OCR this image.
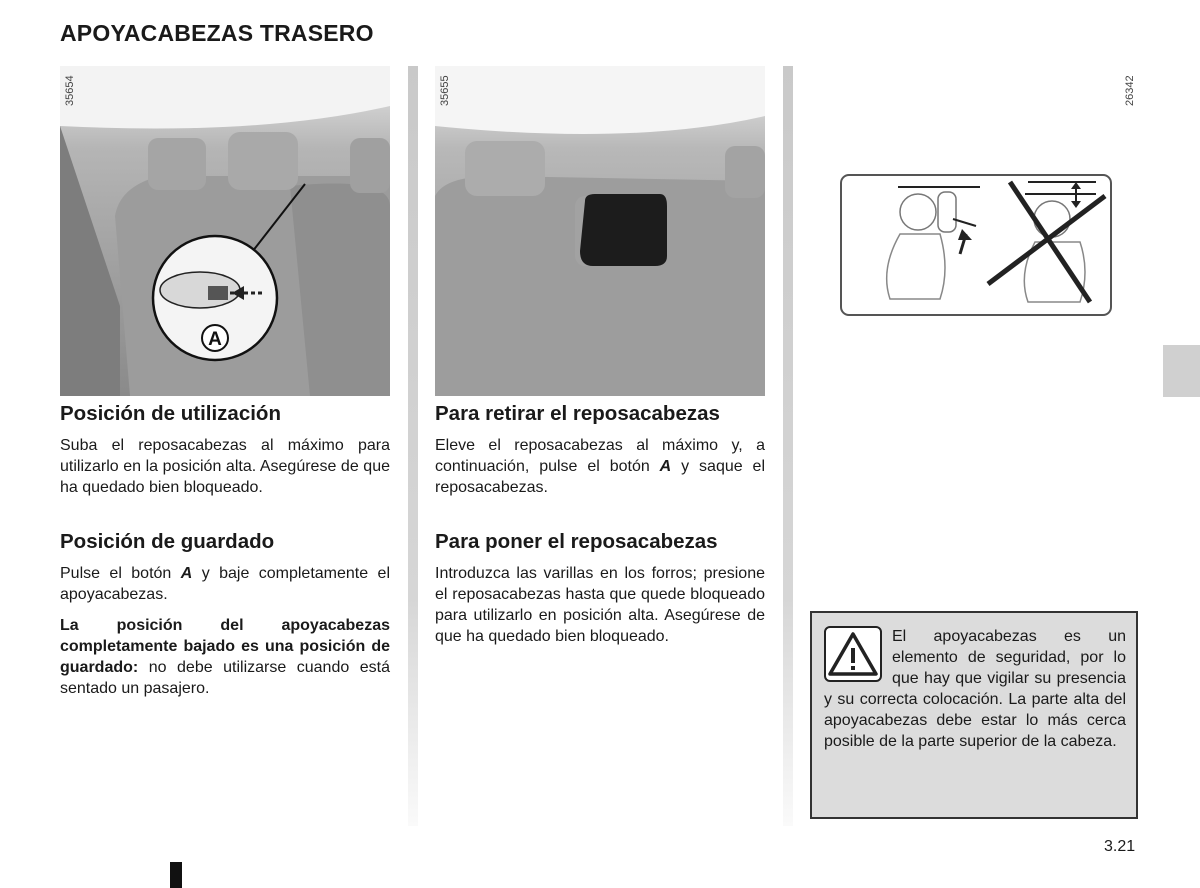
APOYACABEZAS TRASERO
A
35654	35655	26342
Posición de utilización
Suba el reposacabezas al máximo para utilizarlo en la posición alta. Asegúrese de que ha quedado bien bloqueado.
Posición de guardado
Pulse el botón A y baje completamente el apoyacabezas.
La posición del apoyacabezas completamente bajado es una posición de guardado: no debe utilizarse cuando está sentado un pasajero.
Para retirar el reposacabezas
Eleve el reposacabezas al máximo y, a continuación, pulse el botón A y saque el reposacabezas.
Para poner el reposacabezas
Introduzca las varillas en los forros; presione el reposacabezas hasta que quede bloqueado para utilizarlo en posición alta. Asegúrese de que ha quedado bien bloqueado.	El apoyacabezas es un elemento de seguridad, por lo que hay que vigilar su presencia y su correcta colocación. La parte alta del apoyacabezas debe estar lo más cerca posible de la parte superior de la cabeza.
3.21
